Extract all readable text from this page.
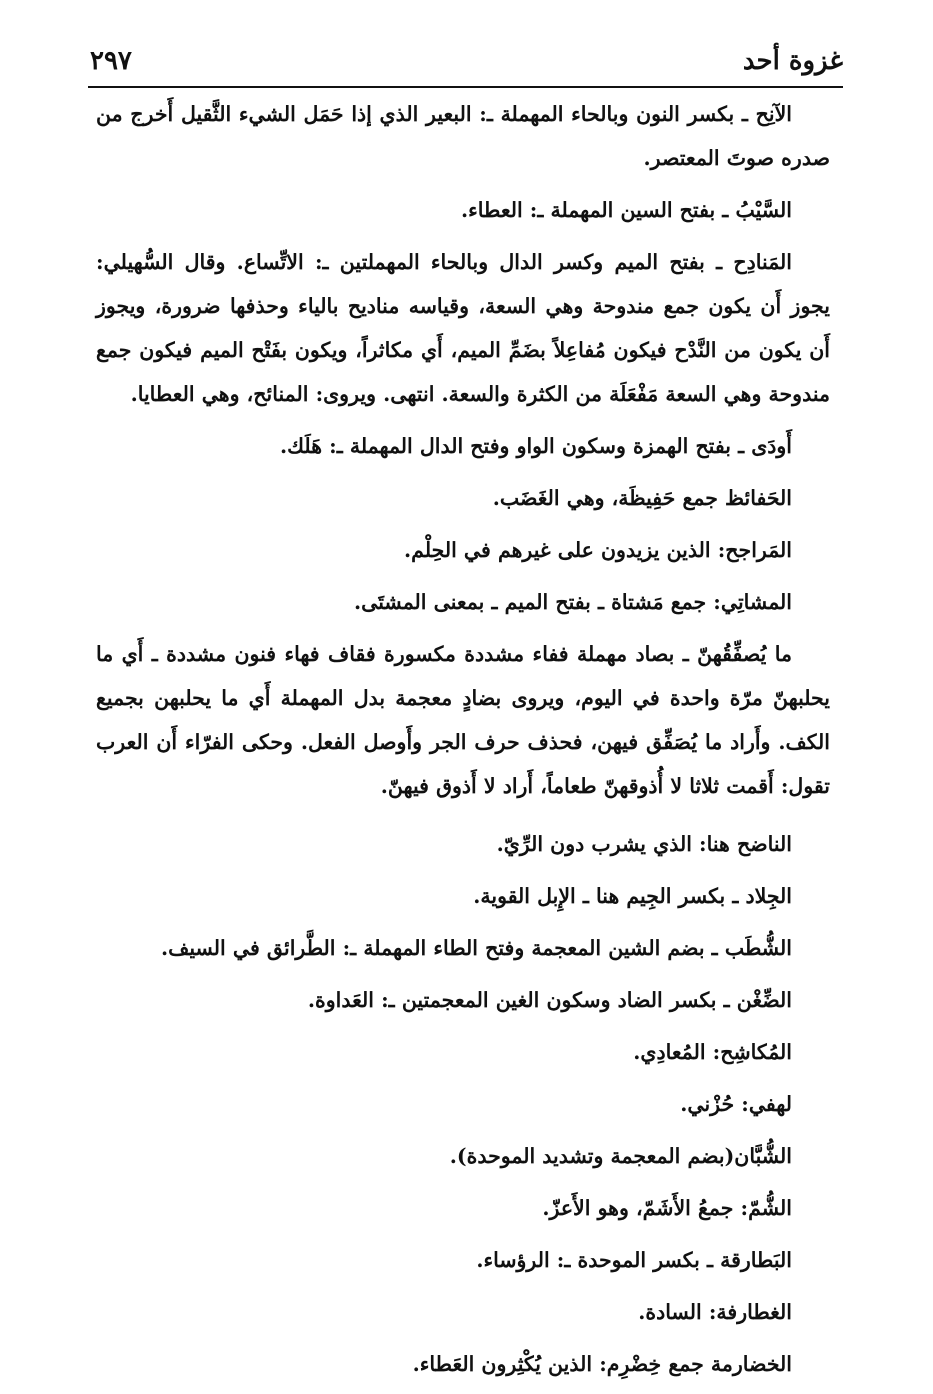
غزوة أحد
٢٩٧

الآنِح ـ بكسر النون وبالحاء المهملة ـ: البعير الذي إذا حَمَل الشيء الثَّقيل أَخرج من صدره صوتَ المعتصر.

السَّيْبُ ـ بفتح السين المهملة ـ: العطاء.

المَنادِح ـ بفتح الميم وكسر الدال وبالحاء المهملتين ـ: الاتِّساع. وقال السُّهيلي: يجوز أَن يكون جمع مندوحة وهي السعة، وقياسه مناديح بالياء وحذفها ضرورة، ويجوز أَن يكون من النَّدْح فيكون مُفاعِلاً بضَمِّ الميم، أَي مكاثراً، ويكون بفَتْح الميم فيكون جمع مندوحة وهي السعة مَفْعَلَة من الكثرة والسعة. انتهى. ويروى: المنائح، وهي العطايا.

أَودَى ـ بفتح الهمزة وسكون الواو وفتح الدال المهملة ـ: هَلَك.

الحَفائظ جمع حَفِيظَة، وهي الغَضَب.

المَراجح: الذين يزيدون على غيرهم في الحِلْم.

المشاتِي: جمع مَشتاة ـ بفتح الميم ـ بمعنى المشتَى.

ما يُصفِّقُهنّ ـ بصاد مهملة ففاء مشددة مكسورة فقاف فهاء فنون مشددة ـ أَي ما يحلبهنّ مرّة واحدة في اليوم، ويروى بضادٍ معجمة بدل المهملة أَي ما يحلبهن بجميع الكف. وأَراد ما يُصَفِّق فيهن، فحذف حرف الجر وأَوصل الفعل. وحكى الفرّاء أَن العرب تقول: أَقمت ثلاثا لا أُذوقهنّ طعاماً، أَراد لا أَذوق فيهنّ.

الناضح هنا: الذي يشرب دون الرِّيّ.

الجِلاد ـ بكسر الجِيم هنا ـ الإِبل القوية.

الشُّطَب ـ بضم الشين المعجمة وفتح الطاء المهملة ـ: الطَّرائق في السيف.

الضِّغْن ـ بكسر الضاد وسكون الغين المعجمتين ـ: العَداوة.

المُكاشِح: المُعادِي.

لهفي: حُزْني.

الشُّبَّان(بضم المعجمة وتشديد الموحدة).

الشُّمّ: جمعُ الأَشَمّ، وهو الأَعزّ.

البَطارقة ـ بكسر الموحدة ـ: الرؤساء.

الغطارفة: السادة.

الخضارمة جمع خِضْرِم: الذين يُكْثِرون العَطاء.
